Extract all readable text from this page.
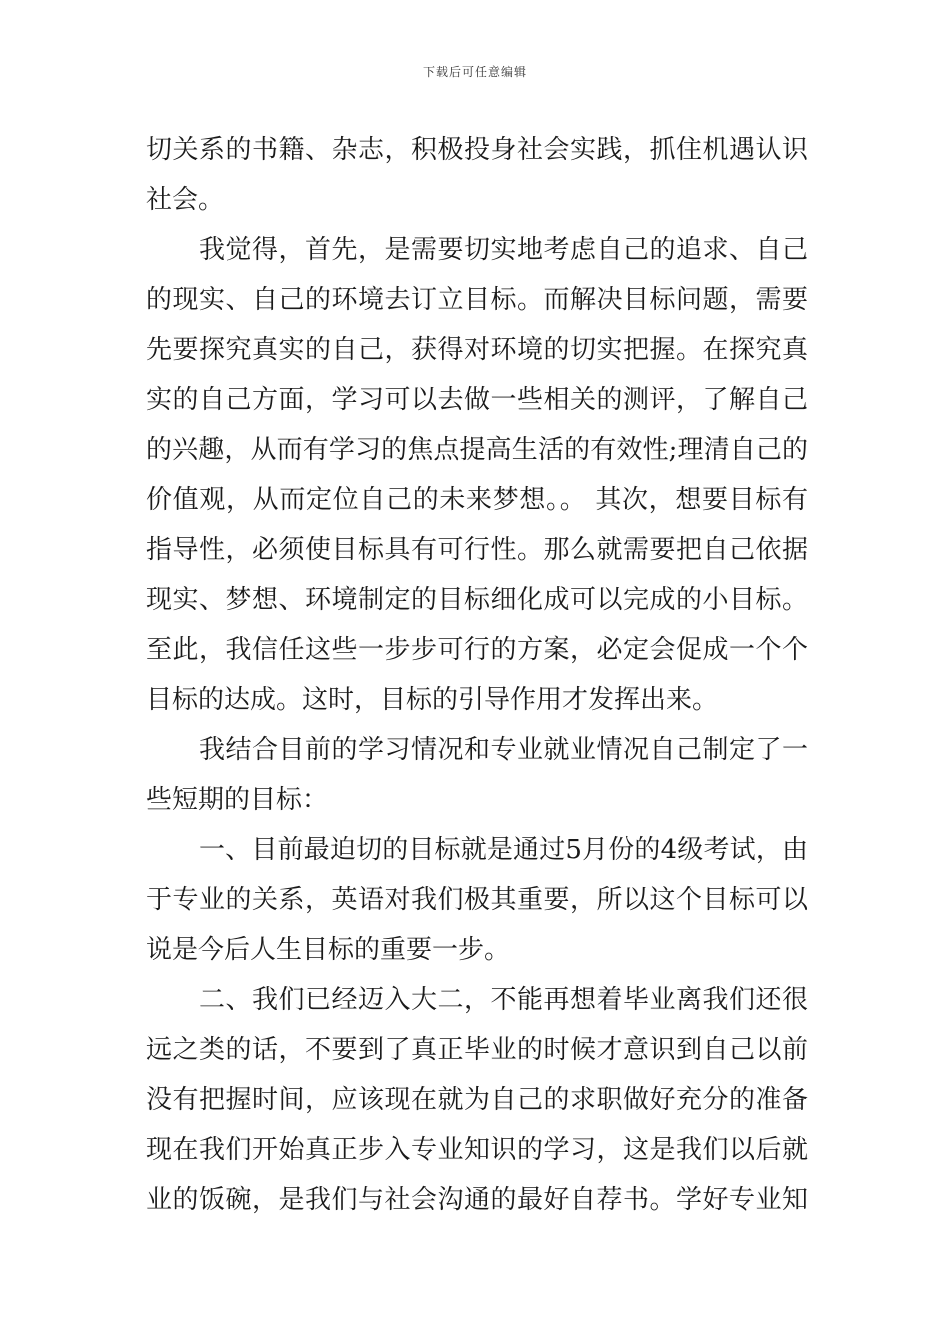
下载后可任意编辑
切关系的书籍、杂志，积极投身社会实践，抓住机遇认识
社会。
我觉得，首先，是需要切实地考虑自己的追求、自己
的现实、自己的环境去订立目标。而解决目标问题，需要
先要探究真实的自己，获得对环境的切实把握。在探究真
实的自己方面，学习可以去做一些相关的测评，了解自己
的兴趣，从而有学习的焦点提高生活的有效性;理清自己的
价值观，从而定位自己的未来梦想。。 其次，想要目标有
指导性，必须使目标具有可行性。那么就需要把自己依据
现实、梦想、环境制定的目标细化成可以完成的小目标。
至此，我信任这些一步步可行的方案，必定会促成一个个
目标的达成。这时，目标的引导作用才发挥出来。
我结合目前的学习情况和专业就业情况自己制定了一
些短期的目标：
一、目前最迫切的目标就是通过5月份的4级考试，由
于专业的关系，英语对我们极其重要，所以这个目标可以
说是今后人生目标的重要一步。
二、我们已经迈入大二，不能再想着毕业离我们还很
远之类的话，不要到了真正毕业的时候才意识到自己以前
没有把握时间，应该现在就为自己的求职做好充分的准备
现在我们开始真正步入专业知识的学习，这是我们以后就
业的饭碗，是我们与社会沟通的最好自荐书。学好专业知
